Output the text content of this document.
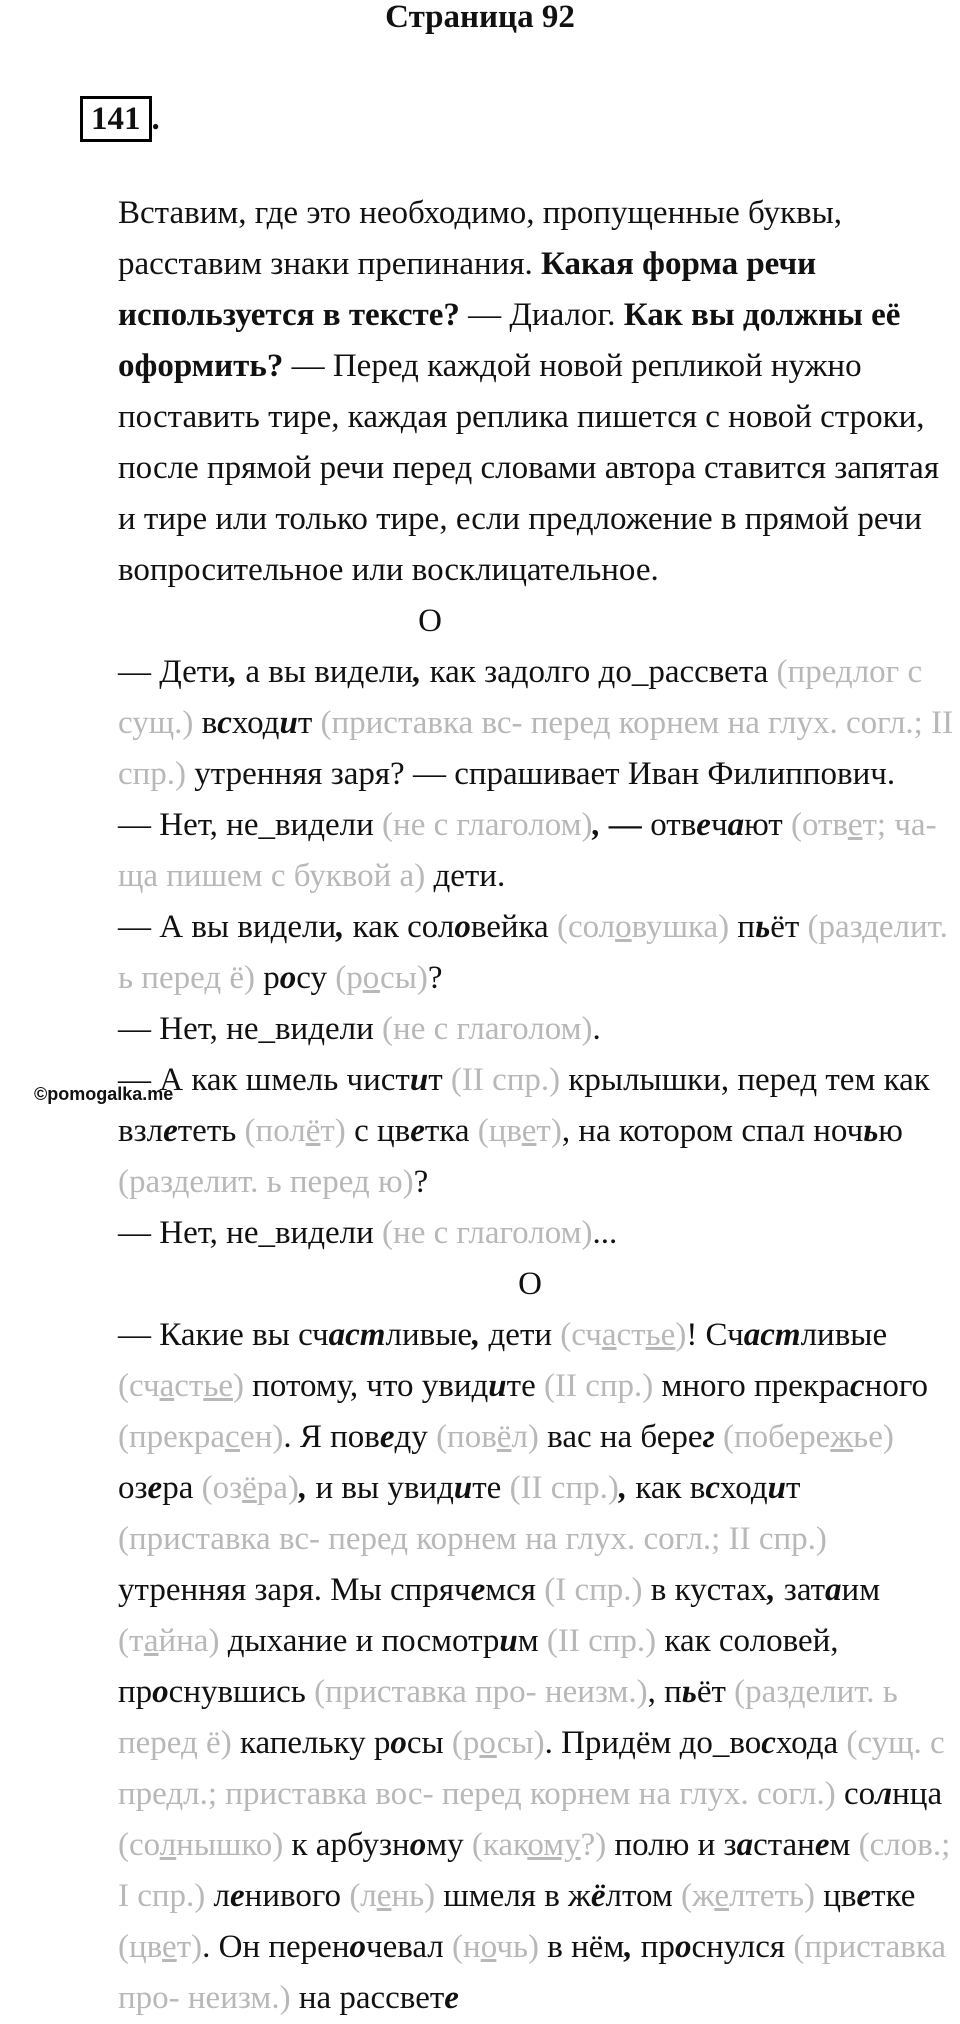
Страница 92
141 .
©pomogalka.me

Вставим, где это необходимо, пропущенные буквы, расставим знаки препинания. Какая форма речи используется в тексте? — Диалог. Как вы должны её оформить? — Перед каждой новой репликой нужно поставить тире, каждая реплика пишется с новой строки, после прямой речи перед словами автора ставится запятая и тире или только тире, если предложение в прямой речи вопросительное или восклицательное.

О

— Дети, а вы видели, как задолго до_рассвета (предлог с сущ.) всходит (приставка вс- перед корнем на глух. согл.; II спр.) утренняя заря? — спрашивает Иван Филиппович.

— Нет, не_видели (не с глаголом), — отвечают (ответ; ча-ща пишем с буквой а) дети.

— А вы видели, как соловейка (соловушка) пьёт (разделит. ь перед ё) росу (росы)?

— Нет, не_видели (не с глаголом).

— А как шмель чистит (II спр.) крылышки, перед тем как взлететь (полёт) с цветка (цвет), на котором спал ночью (разделит. ь перед ю)?

— Нет, не_видели (не с глаголом)...

О

— Какие вы счастливые, дети (счастье)! Счастливые (счастье) потому, что увидите (II спр.) много прекрасного (прекрасен). Я поведу (повёл) вас на берег (побережье) озера (озёра), и вы увидите (II спр.), как всходит (приставка вс- перед корнем на глух. согл.; II спр.) утренняя заря. Мы спрячемся (I спр.) в кустах, затаим (тайна) дыхание и посмотрим (II спр.) как соловей, проснувшись (приставка про- неизм.), пьёт (разделит. ь перед ё) капельку росы (росы). Придём до_восхода (сущ. с предл.; приставка вос- перед корнем на глух. согл.) солнца (солнышко) к арбузному (какому?) полю и застанем (слов.; I спр.) ленивого (лень) шмеля в жёлтом (желтеть) цветке (цвет). Он переночевал (ночь) в нём, проснулся (приставка про- неизм.) на рассвете
